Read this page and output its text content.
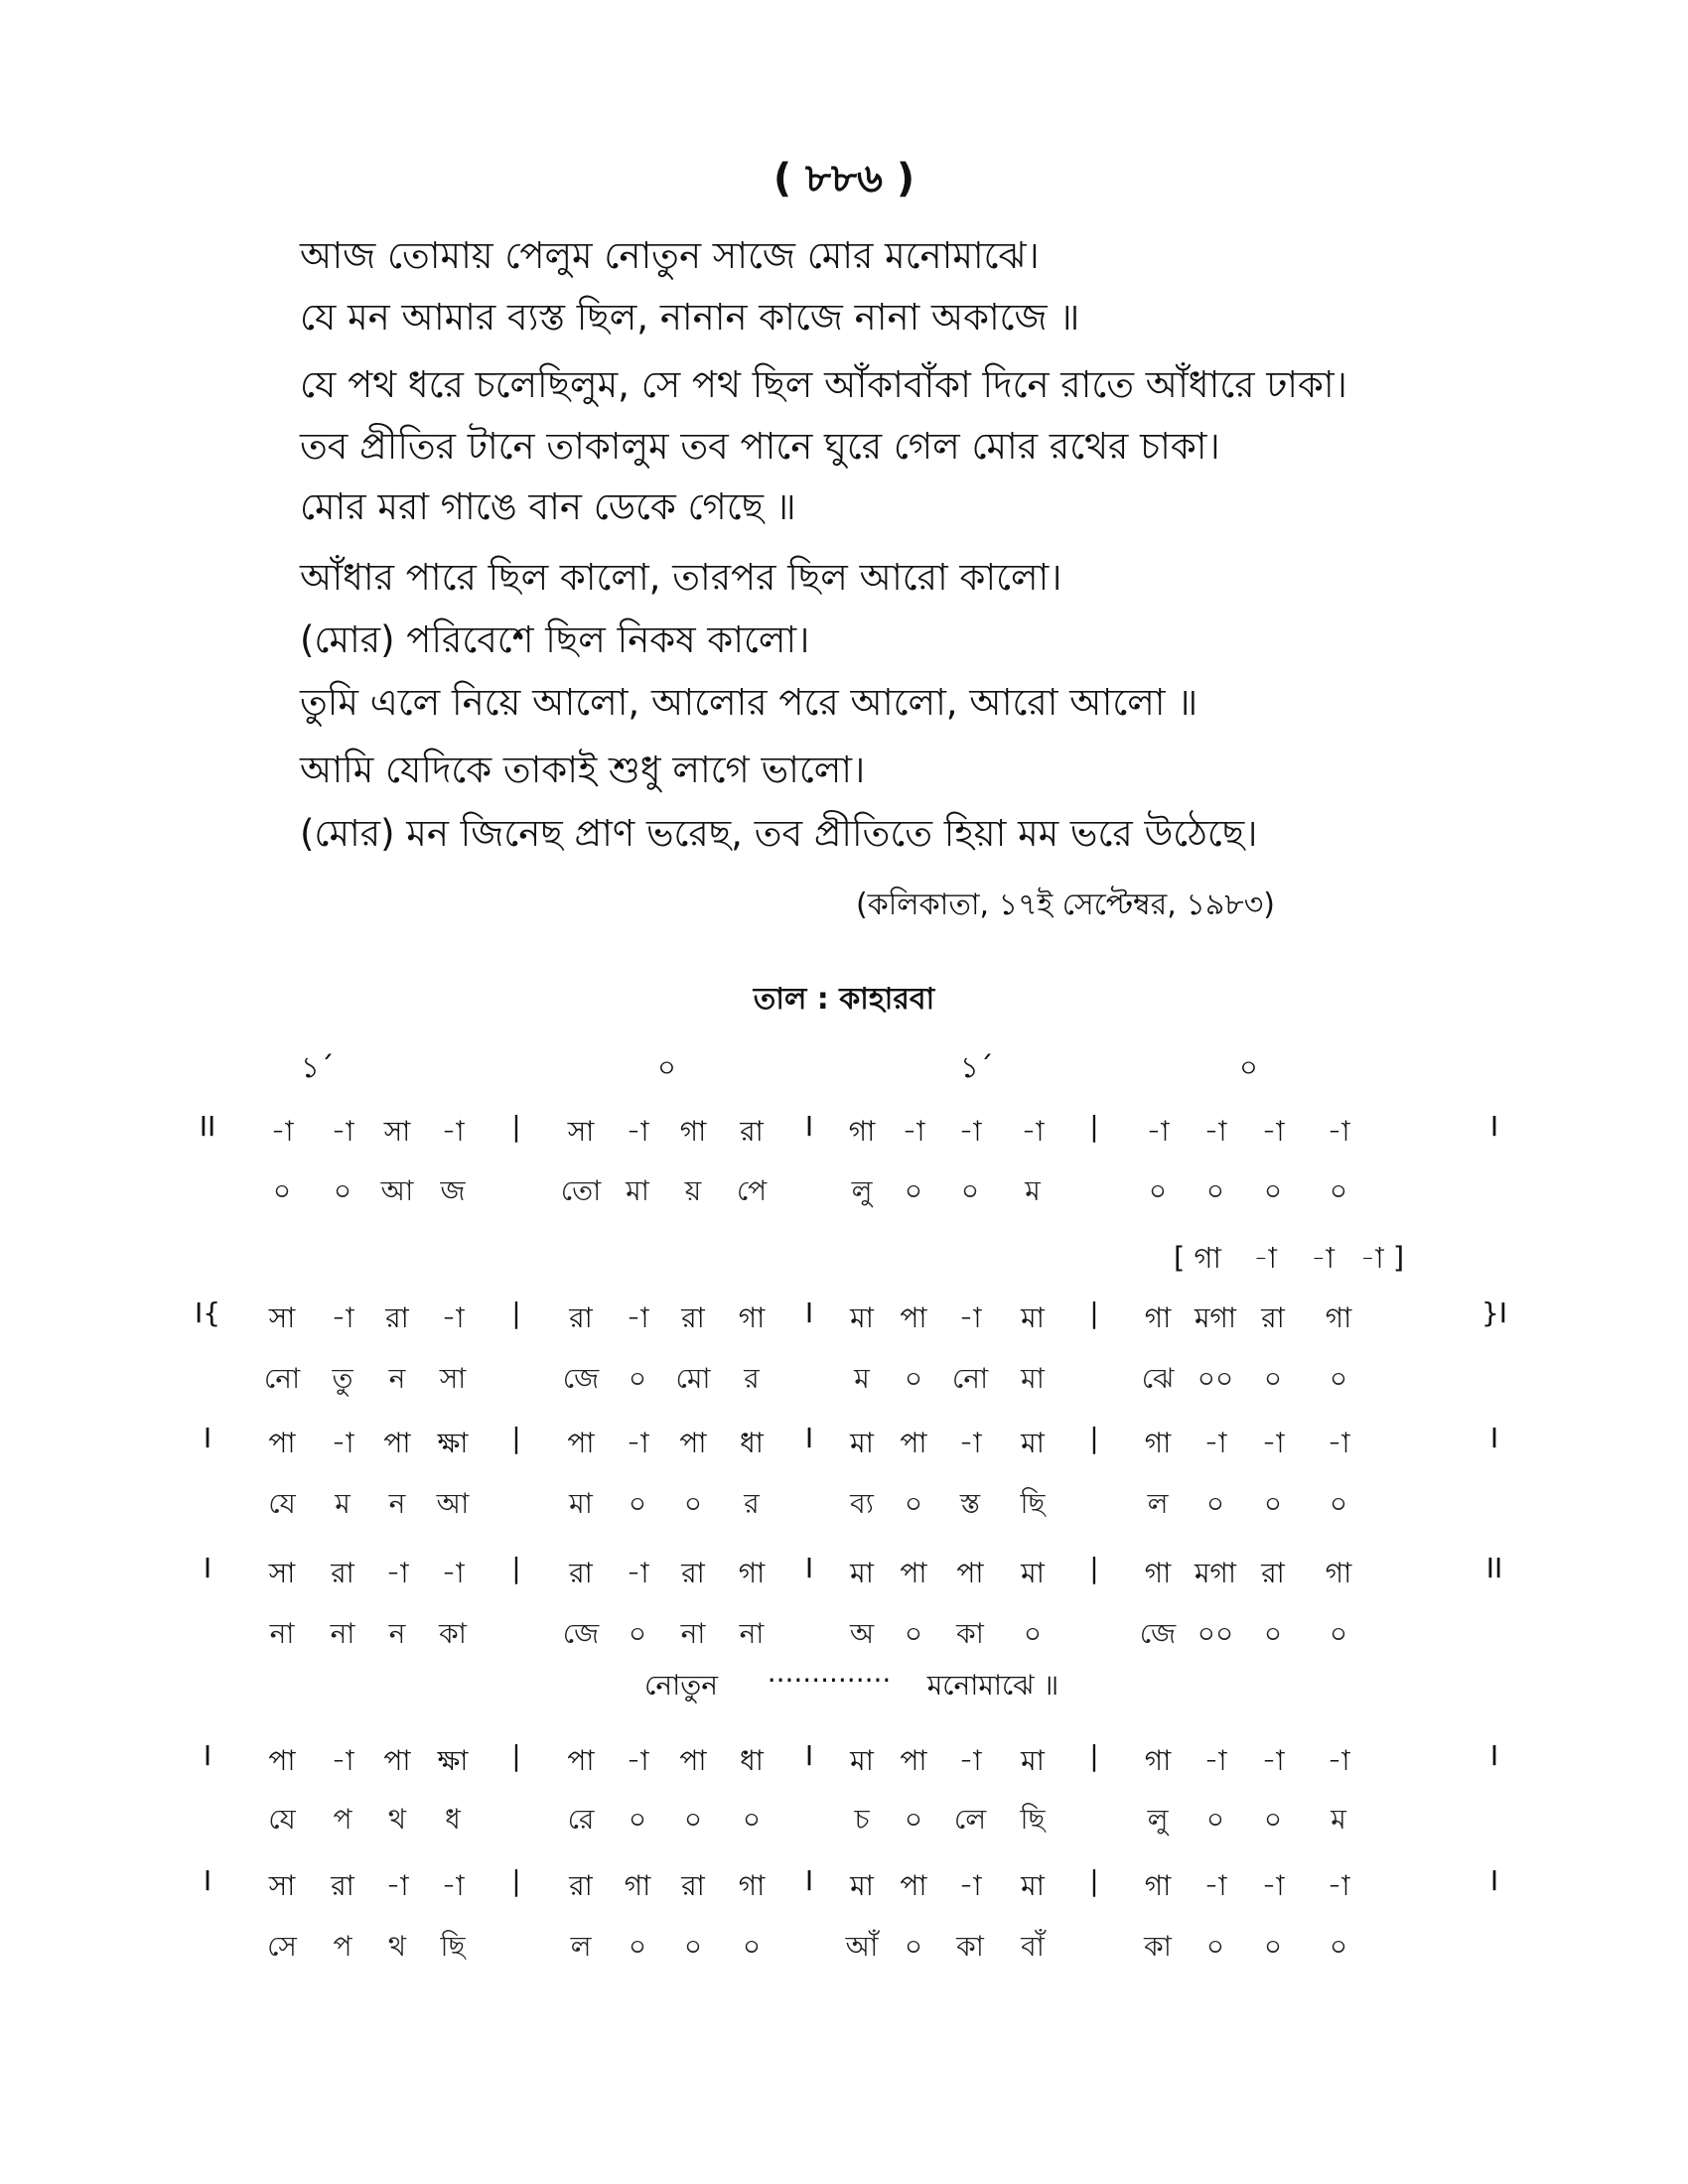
( ৮৮৬ )
আজ তোমায় পেলুম নোতুন সাজে মোর মনোমাঝে।
যে মন আমার ব্যস্ত ছিল, নানান কাজে নানা অকাজে ॥
যে পথ ধরে চলেছিলুম, সে পথ ছিল আঁকাবাঁকা দিনে রাতে আঁধারে ঢাকা।
তব প্রীতির টানে তাকালুম তব পানে ঘুরে গেল মোর রথের চাকা।
মোর মরা গাঙে বান ডেকে গেছে ॥
আঁধার পারে ছিল কালো, তারপর ছিল আরো কালো।
(মোর) পরিবেশে ছিল নিকষ কালো।
তুমি এলে নিয়ে আলো, আলোর পরে আলো, আরো আলো ॥
আমি যেদিকে তাকাই শুধু লাগে ভালো।
(মোর) মন জিনেছ প্রাণ ভরেছ, তব প্রীতিতে হিয়া মম ভরে উঠেছে।
(কলিকাতা, ১৭ই সেপ্টেম্বর, ১৯৮৩)
তাল : কাহারবা
১´	০	১´	০
II -া -া সা -া | সা -া গা রা I গা -া -া -া | -া -া -া -া	I
০ ০ আ জ	তো মা য় পে	লু ০ ০ ম	০ ০ ০ ০
I{ সা -া রা -া | রা -া রা গা I মা পা -া মা | গা মগা রা গা	}I
নো তু ন সা	জে ০ মো র	ম ০ নো মা	ঝে ০০ ০ ০
[ গা -া -া -া ]
I পা -া পা ক্ষা | পা -া পা ধা I মা পা -া মা | গা -া -া -া	I
যে ম ন আ	মা ০ ০ র	ব্য ০ স্ত ছি	ল ০ ০ ০
I সা রা -া -া | রা -া রা গা I মা পা পা মা | গা মগা রা গা	II
না না ন কা	জে ০ না না	অ ০ কা ০	জে ০০ ০ ০
নোতুন ·············· মনোমাঝে ॥
I পা -া পা ক্ষা | পা -া পা ধা I মা পা -া মা | গা -া -া -া	I
যে প থ ধ	রে ০ ০ ০	চ ০ লে ছি	লু ০ ০ ম
I সা রা -া -া | রা গা রা গা I মা পা -া মা | গা -া -া -া	I
সে প থ ছি	ল ০ ০ ০	আঁ ০ কা বাঁ	কা ০ ০ ০
